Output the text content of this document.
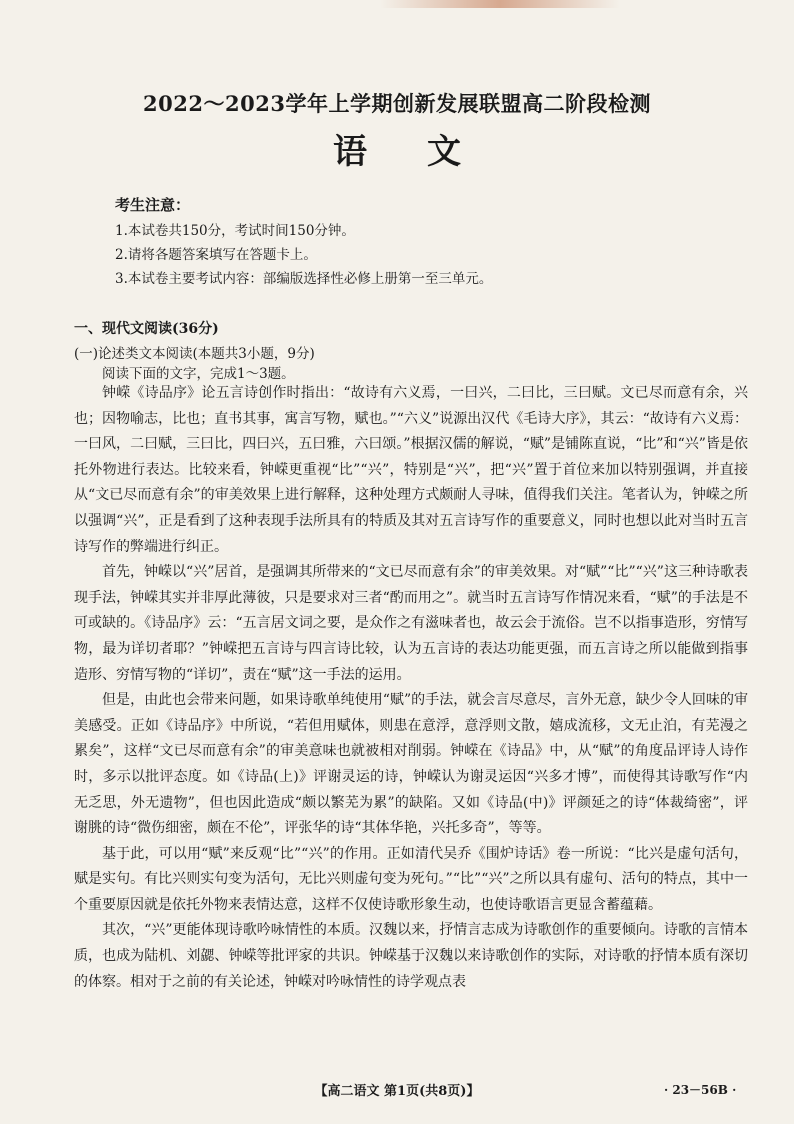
2022～2023学年上学期创新发展联盟高二阶段检测
语文
考生注意：
1.本试卷共150分，考试时间150分钟。
2.请将各题答案填写在答题卡上。
3.本试卷主要考试内容：部编版选择性必修上册第一至三单元。
一、现代文阅读(36分)
(一)论述类文本阅读(本题共3小题，9分)
阅读下面的文字，完成1～3题。

钟嵘《诗品序》论五言诗创作时指出：“故诗有六义焉，一曰兴，二曰比，三曰赋。文已尽而意有余，兴也；因物喻志，比也；直书其事，寓言写物，赋也。”“六义”说源出汉代《毛诗大序》，其云：“故诗有六义焉：一曰风，二曰赋，三曰比，四曰兴，五曰雅，六曰颂。”根据汉儒的解说，“赋”是铺陈直说，“比”和“兴”皆是依托外物进行表达。比较来看，钟嵘更重视“比”“兴”，特别是“兴”，把“兴”置于首位来加以特别强调，并直接从“文已尽而意有余”的审美效果上进行解释，这种处理方式颇耐人寻味，值得我们关注。笔者认为，钟嵘之所以强调“兴”，正是看到了这种表现手法所具有的特质及其对五言诗写作的重要意义，同时也想以此对当时五言诗写作的弊端进行纠正。

首先，钟嵘以“兴”居首，是强调其所带来的“文已尽而意有余”的审美效果。对“赋”“比”“兴”这三种诗歌表现手法，钟嵘其实并非厚此薄彼，只是要求对三者“酌而用之”。就当时五言诗写作情况来看，“赋”的手法是不可或缺的。《诗品序》云：“五言居文词之要，是众作之有滋味者也，故云会于流俗。岂不以指事造形，穷情写物，最为详切者耶？”钟嵘把五言诗与四言诗比较，认为五言诗的表达功能更强，而五言诗之所以能做到指事造形、穷情写物的“详切”，责在“赋”这一手法的运用。

但是，由此也会带来问题，如果诗歌单纯使用“赋”的手法，就会言尽意尽，言外无意，缺少令人回味的审美感受。正如《诗品序》中所说，“若但用赋体，则患在意浮，意浮则文散，嬉成流移，文无止泊，有芜漫之累矣”，这样“文已尽而意有余”的审美意味也就被相对削弱。钟嵘在《诗品》中，从“赋”的角度品评诗人诗作时，多示以批评态度。如《诗品(上)》评谢灵运的诗，钟嵘认为谢灵运因“兴多才博”，而使得其诗歌写作“内无乏思，外无遗物”，但也因此造成“颇以繁芜为累”的缺陷。又如《诗品(中)》评颜延之的诗“体裁绮密”，评谢朓的诗“微伤细密，颇在不伦”，评张华的诗“其体华艳，兴托多奇”，等等。

基于此，可以用“赋”来反观“比”“兴”的作用。正如清代吴乔《围炉诗话》卷一所说：“比兴是虚句活句，赋是实句。有比兴则实句变为活句，无比兴则虚句变为死句。”“比”“兴”之所以具有虚句、活句的特点，其中一个重要原因就是依托外物来表情达意，这样不仅使诗歌形象生动，也使诗歌语言更显含蓄蕴藉。

其次，“兴”更能体现诗歌吟咏情性的本质。汉魏以来，抒情言志成为诗歌创作的重要倾向。诗歌的言情本质，也成为陆机、刘勰、钟嵘等批评家的共识。钟嵘基于汉魏以来诗歌创作的实际，对诗歌的抒情本质有深切的体察。相对于之前的有关论述，钟嵘对吟咏情性的诗学观点表

【高二语文 第1页(共8页)】	· 23－56B ·
